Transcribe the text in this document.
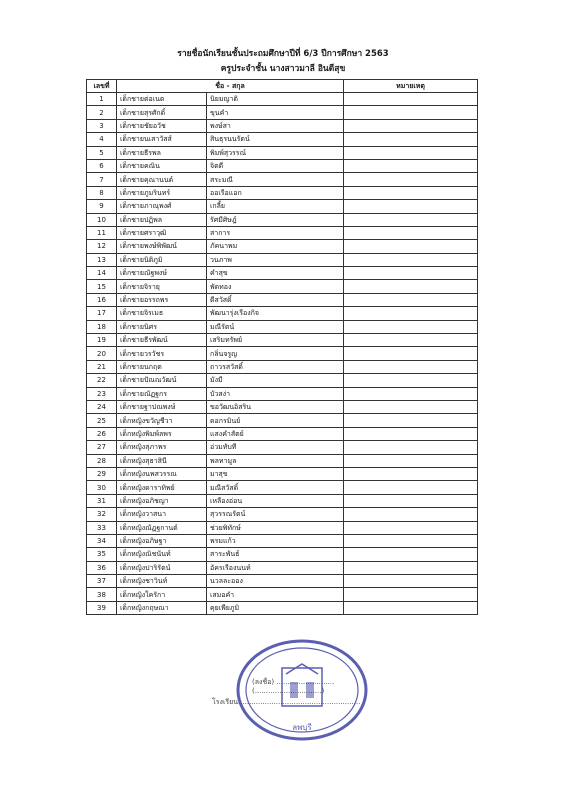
รายชื่อนักเรียนชั้นประถมศึกษาปีที่ 6/3 ปีการศึกษา 2563
ครูประจำชั้น นางสาวมาลี อินดีสุข
เลขที่	ชื่อ - สกุล		หมายเหตุ
1	เด็กชายต่อเนต	นิยมญาติ	
2	เด็กชายสุรศักดิ์	ขุนคำ	
3	เด็กชายชัยอวัช	พงษ์สา	
4	เด็กชายนเสาวัสส์	สินธุรนนรัตน์	
5	เด็กชายธีรพล	พิมพ์สุวรรณ์	
6	เด็กชายคณิน	จิตดี	
7	เด็กชายคุณานนต์	สระมณี	
8	เด็กชายภูมรินทร์	ออเรือแอก	
9	เด็กชายภาณุพงศ์	เกลี้ย	
10	เด็กชายปฏิพล	รัศมีศิษฎ์	
11	เด็กชายศราวุฒิ	สาการ	
12	เด็กชายพงษ์พิพัฒน์	ภัคนาพม	
13	เด็กชายนิติภูมิ	วนภาพ	
14	เด็กชายณัฐพงษ์	คำสุข	
15	เด็กชายจิรายุ	พัดทอง	
16	เด็กชายอรรถพร	ดีสวัสดิ์	
17	เด็กชายจิรเมธ	พัฒนารุ่งเรืองกิจ	
18	เด็กชายนิศร	มณีรัตน์	
19	เด็กชายธีรพัฒน์	เสริมทรัพย์	
20	เด็กชายวรวัชร	กลิ่นจรูญ	
21	เด็กชายนกฤต	ถาวรสวัสดิ์	
22	เด็กชายปัณณวัฒน์	มังมี	
23	เด็กชายณัฏฐกร	บัวสง่า	
24	เด็กชายฐาปณพงษ์	ขอวัฒนอิสริน	
25	เด็กหญิงขวัญชีวา	ดอกรมินย์	
26	เด็กหญิงพิมพ์ลพร	แสงคำสัตย์	
27	เด็กหญิงสุภาพร	อ่วมทับที	
28	เด็กหญิงสุธาสินี	พลทามูล	
29	เด็กหญิงนพสวรรณ	มาสุข	
30	เด็กหญิงดาราทิพย์	มณีสวัสดิ์	
31	เด็กหญิงอภิชญา	เหลืองอ่อน	
32	เด็กหญิงวาสนา	สุวรรณรัตน์	
33	เด็กหญิงณัฏฐกานต์	ช่วยพิทักษ์	
34	เด็กหญิงอภิษฐา	พรมแก้ว	
35	เด็กหญิงณิชนันท์	สาระพันธ์	
36	เด็กหญิงปาริรัตน์	อัครเรืองนนท์	
37	เด็กหญิงชาวินท์	นวลละออง	
38	เด็กหญิงใครักา	เสมอคำ	
39	เด็กหญิงกฤษณา	คุยเพียภูมิ	
ลพบุรี
(ลงชื่อ) ..........................
(..............................)
โรงเรียน.......................................................
